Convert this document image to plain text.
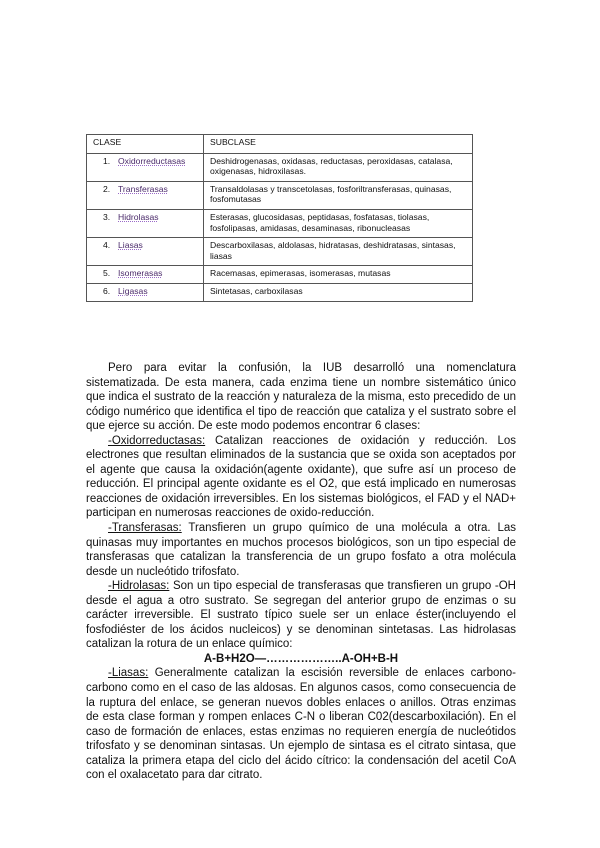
CLASE	SUBCLASE
1. Oxidorreductasas	Deshidrogenasas, oxidasas, reductasas, peroxidasas, catalasa, oxigenasas, hidroxilasas.
2. Transferasas	Transaldolasas y transcetolasas, fosforiltransferasas, quinasas, fosfomutasas
3. Hidrolasas	Esterasas, glucosidasas, peptidasas, fosfatasas, tiolasas, fosfolipasas, amidasas, desaminasas, ribonucleasas
4. Liasas	Descarboxilasas, aldolasas, hidratasas, deshidratasas, sintasas, liasas
5. Isomerasas	Racemasas, epimerasas, isomerasas, mutasas
6. Ligasas	Sintetasas, carboxilasas

Pero para evitar la confusión, la IUB desarrolló una nomenclatura sistematizada. De esta manera, cada enzima tiene un nombre sistemático único que indica el sustrato de la reacción y naturaleza de la misma, esto precedido de un código numérico que identifica el tipo de reacción que cataliza y el sustrato sobre el que ejerce su acción. De este modo podemos encontrar 6 clases:

-Oxidorreductasas: Catalizan reacciones de oxidación y reducción. Los electrones que resultan eliminados de la sustancia que se oxida son aceptados por el agente que causa la oxidación(agente oxidante), que sufre así un proceso de reducción. El principal agente oxidante es el O2, que está implicado en numerosas reacciones de oxidación irreversibles. En los sistemas biológicos, el FAD y el NAD+ participan en numerosas reacciones de oxido-reducción.

-Transferasas: Transfieren un grupo químico de una molécula a otra. Las quinasas muy importantes en muchos procesos biológicos, son un tipo especial de transferasas que catalizan la transferencia de un grupo fosfato a otra molécula desde un nucleótido trifosfato.

-Hidrolasas: Son un tipo especial de transferasas que transfieren un grupo -OH desde el agua a otro sustrato. Se segregan del anterior grupo de enzimas o su carácter irreversible. El sustrato típico suele ser un enlace éster(incluyendo el fosfodiéster de los ácidos nucleicos) y se denominan sintetasas. Las hidrolasas catalizan la rotura de un enlace químico:

A-B+H2O—………………..A-OH+B-H

-Liasas: Generalmente catalizan la escisión reversible de enlaces carbono-carbono como en el caso de las aldosas. En algunos casos, como consecuencia de la ruptura del enlace, se generan nuevos dobles enlaces o anillos. Otras enzimas de esta clase forman y rompen enlaces C-N o liberan C02(descarboxilación). En el caso de formación de enlaces, estas enzimas no requieren energía de nucleótidos trifosfato y se denominan sintasas. Un ejemplo de sintasa es el citrato sintasa, que cataliza la primera etapa del ciclo del ácido cítrico: la condensación del acetil CoA con el oxalacetato para dar citrato.
